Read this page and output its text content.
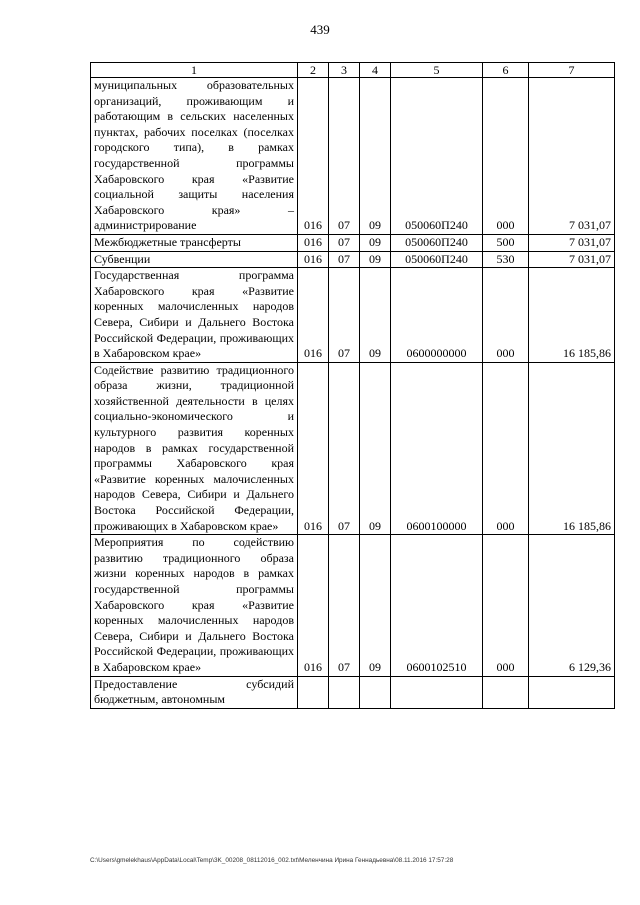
439
1	2	3	4	5	6	7
муниципальных образовательных организаций, проживающим и работающим в сельских населенных пунктах, рабочих поселках (поселках городского типа), в рамках государственной программы Хабаровского края «Развитие социальной защиты населения Хабаровского края» – администрирование	016	07	09	050060П240	000	7 031,07
Межбюджетные трансферты	016	07	09	050060П240	500	7 031,07
Субвенции	016	07	09	050060П240	530	7 031,07
Государственная программа Хабаровского края «Развитие коренных малочисленных народов Севера, Сибири и Дальнего Востока Российской Федерации, проживающих в Хабаровском крае»	016	07	09	0600000000	000	16 185,86
Содействие развитию традиционного образа жизни, традиционной хозяйственной деятельности в целях социально-экономического и культурного развития коренных народов в рамках государственной программы Хабаровского края «Развитие коренных малочисленных народов Севера, Сибири и Дальнего Востока Российской Федерации, проживающих в Хабаровском крае»	016	07	09	0600100000	000	16 185,86
Мероприятия по содействию развитию традиционного образа жизни коренных народов в рамках государственной программы Хабаровского края «Развитие коренных малочисленных народов Севера, Сибири и Дальнего Востока Российской Федерации, проживающих в Хабаровском крае»	016	07	09	0600102510	000	6 129,36
Предоставление субсидий бюджетным, автономным						
C:\Users\gmelekhaus\AppData\Local\Temp\3K_00208_08112016_002.txt\Меленчина Ирина Геннадьевна\08.11.2016 17:57:28
